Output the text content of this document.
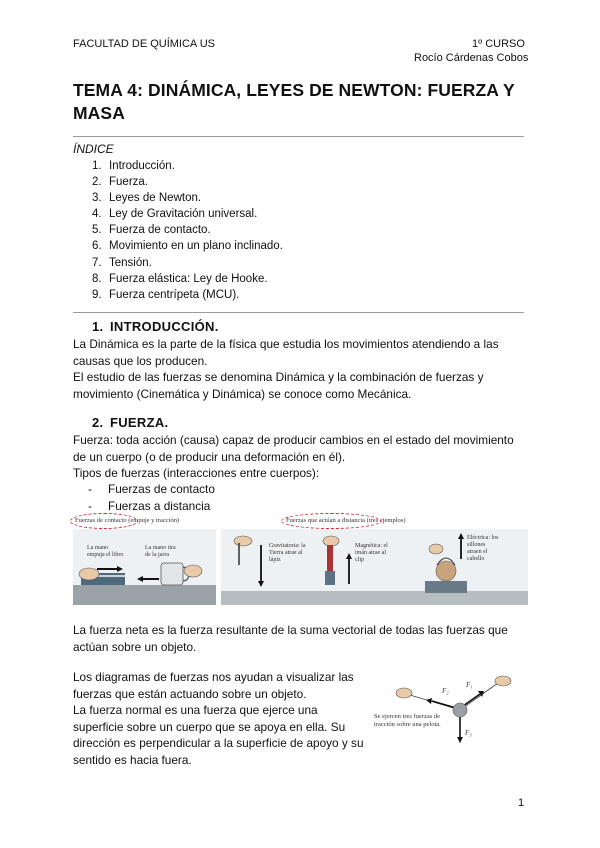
FACULTAD DE QUÍMICA US	1º CURSO
Rocío Cárdenas Cobos
TEMA 4: DINÁMICA, LEYES DE NEWTON: FUERZA Y MASA
ÍNDICE
1. Introducción.
2. Fuerza.
3. Leyes de Newton.
4. Ley de Gravitación universal.
5. Fuerza de contacto.
6. Movimiento en un plano inclinado.
7. Tensión.
8. Fuerza elástica: Ley de Hooke.
9. Fuerza centrípeta (MCU).
1. INTRODUCCIÓN.

La Dinámica es la parte de la física que estudia los movimientos atendiendo a las causas que los producen.

El estudio de las fuerzas se denomina Dinámica y la combinación de fuerzas y movimiento (Cinemática y Dinámica) se conoce como Mecánica.

2. FUERZA.

Fuerza: toda acción (causa) capaz de producir cambios en el estado del movimiento de un cuerpo (o de producir una deformación en él).

Tipos de fuerzas (interacciones entre cuerpos):

-	Fuerzas de contacto
-	Fuerzas a distancia
Fuerzas de contacto (empuje y tracción)	Fuerzas que actúan a distancia (tres ejemplos)
La mano empuja el libro
La mano tira de la jarra
Gravitatoria: la Tierra atrae al lápiz
Magnética: el imán atrae al clip
Eléctrica: los sillones atraen el cabello

La fuerza neta es la fuerza resultante de la suma vectorial de todas las fuerzas que actúan sobre un objeto.

Los diagramas de fuerzas nos ayudan a visualizar las fuerzas que están actuando sobre un objeto.

La fuerza normal es una fuerza que ejerce una superficie sobre un cuerpo que se apoya en ella. Su dirección es perpendicular a la superficie de apoyo y su sentido es hacia fuera.

F₂
F₁
F₃
Se ejercen tres fuerzas de tracción sobre una pelota.
1
